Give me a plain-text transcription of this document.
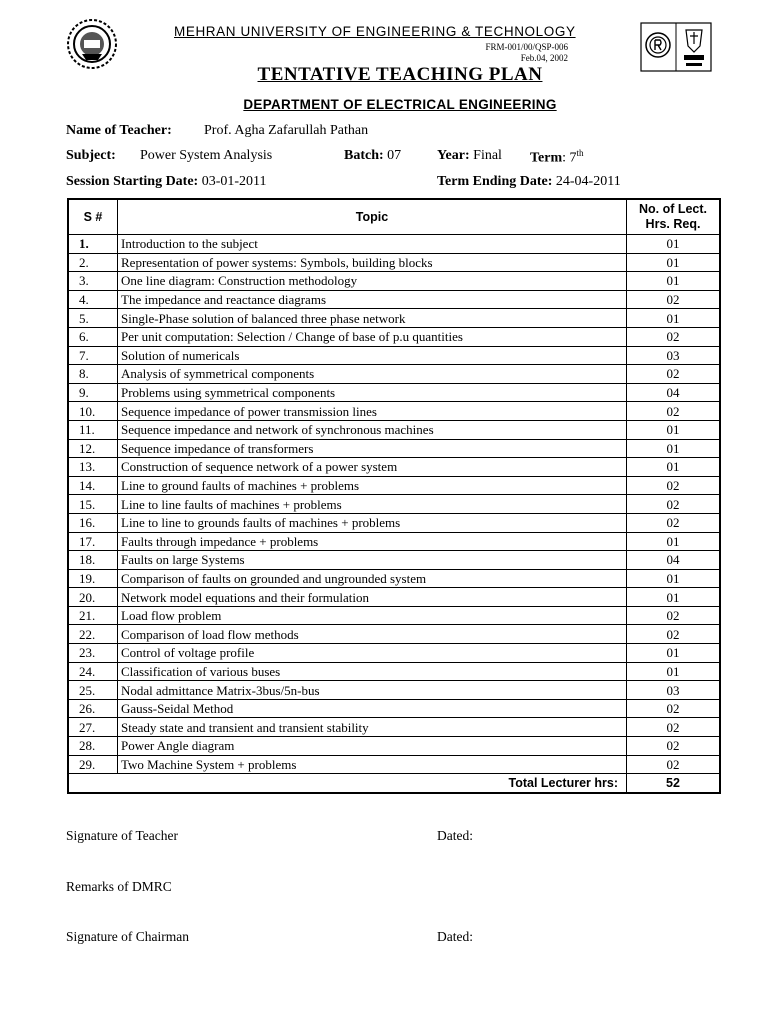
MEHRAN UNIVERSITY OF ENGINEERING & TECHNOLOGY
FRM-001/00/QSP-006
Feb.04, 2002
TENTATIVE TEACHING PLAN
DEPARTMENT OF ELECTRICAL ENGINEERING
Name of Teacher: Prof. Agha Zafarullah Pathan
Subject: Power System Analysis	Batch: 07	Year: Final Term: 7th
Session Starting Date: 03-01-2011	Term Ending Date: 24-04-2011
S #	Topic	No. of Lect.
Hrs. Req.

1.	Introduction to the subject	01
2.	Representation of power systems: Symbols, building blocks	01
3.	One line diagram: Construction methodology	01
4.	The impedance and reactance diagrams	02
5.	Single-Phase solution of balanced three phase network	01
6.	Per unit computation: Selection / Change of base of p.u quantities	02
7.	Solution of numericals	03
8.	Analysis of symmetrical components	02
9.	Problems using symmetrical components	04
10.	Sequence impedance of power transmission lines	02
11.	Sequence impedance and network of synchronous machines	01
12.	Sequence impedance of transformers	01
13.	Construction of sequence network of a power system	01
14.	Line to ground faults of machines + problems	02
15.	Line to line faults of machines + problems	02
16.	Line to line to grounds faults of machines + problems	02
17.	Faults through impedance + problems	01
18.	Faults on large Systems	04
19.	Comparison of faults on grounded and ungrounded system	01
20.	Network model equations and their formulation	01
21.	Load flow problem	02
22.	Comparison of load flow methods	02
23.	Control of voltage profile	01
24.	Classification of various buses	01
25.	Nodal admittance Matrix-3bus/5n-bus	03
26.	Gauss-Seidal Method	02
27.	Steady state and transient and transient stability	02
28.	Power Angle diagram	02
29.	Two Machine System + problems	02
Total Lecturer hrs:		52
Signature of Teacher	Dated:
Remarks of DMRC
Signature of Chairman	Dated:
